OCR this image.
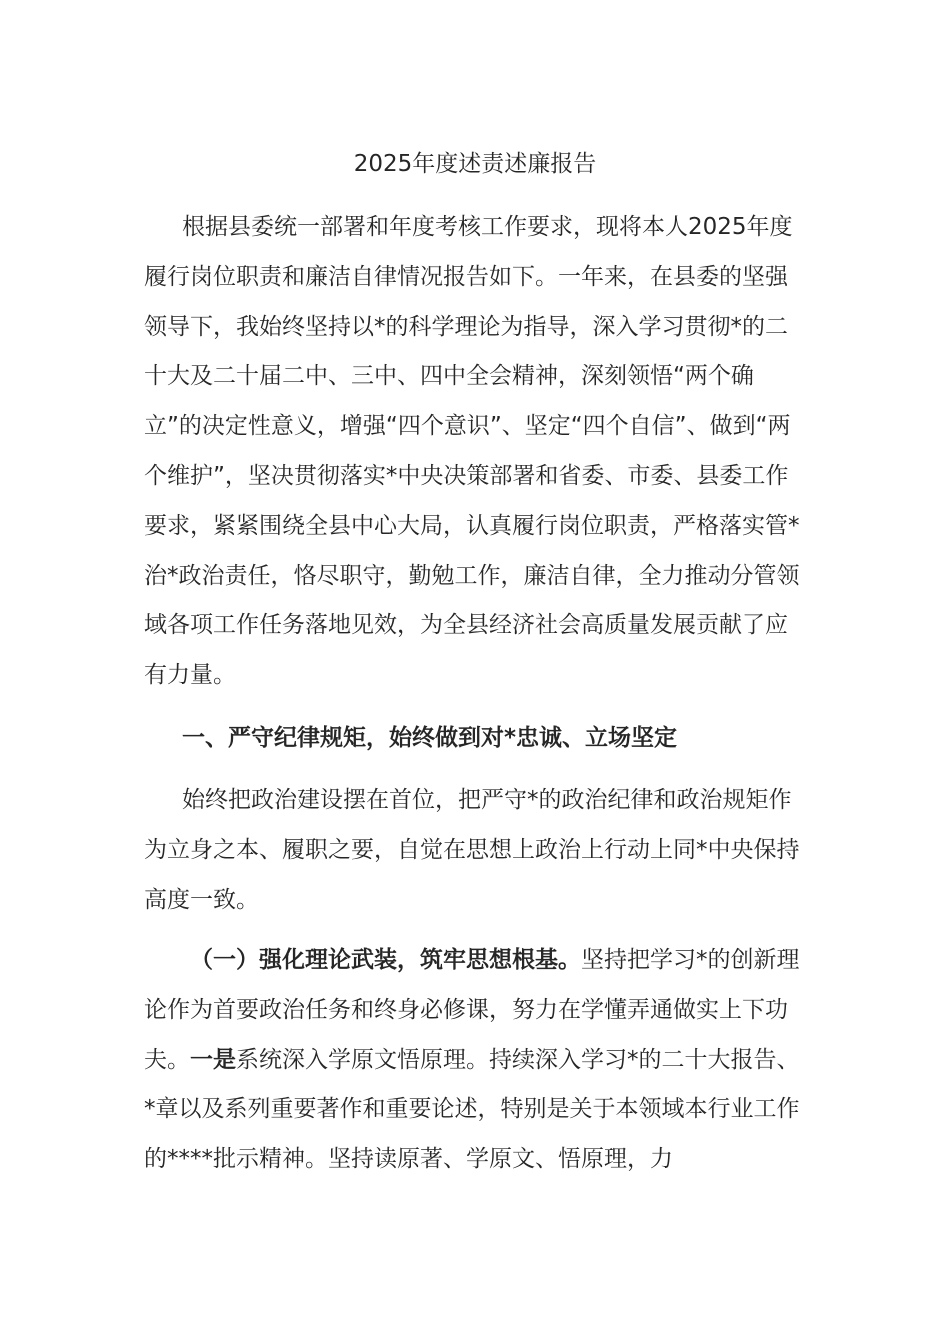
2025年度述责述廉报告

根据县委统一部署和年度考核工作要求，现将本人2025年度履行岗位职责和廉洁自律情况报告如下。一年来，在县委的坚强领导下，我始终坚持以*的科学理论为指导，深入学习贯彻*的二十大及二十届二中、三中、四中全会精神，深刻领悟“两个确立”的决定性意义，增强“四个意识”、坚定“四个自信”、做到“两个维护”，坚决贯彻落实*中央决策部署和省委、市委、县委工作要求，紧紧围绕全县中心大局，认真履行岗位职责，严格落实管*治*政治责任，恪尽职守，勤勉工作，廉洁自律，全力推动分管领域各项工作任务落地见效，为全县经济社会高质量发展贡献了应有力量。

一、严守纪律规矩，始终做到对*忠诚、立场坚定

始终把政治建设摆在首位，把严守*的政治纪律和政治规矩作为立身之本、履职之要，自觉在思想上政治上行动上同*中央保持高度一致。

（一）强化理论武装，筑牢思想根基。坚持把学习*的创新理论作为首要政治任务和终身必修课，努力在学懂弄通做实上下功夫。一是系统深入学原文悟原理。持续深入学习*的二十大报告、*章以及系列重要著作和重要论述，特别是关于本领域本行业工作的****批示精神。坚持读原著、学原文、悟原理，力
